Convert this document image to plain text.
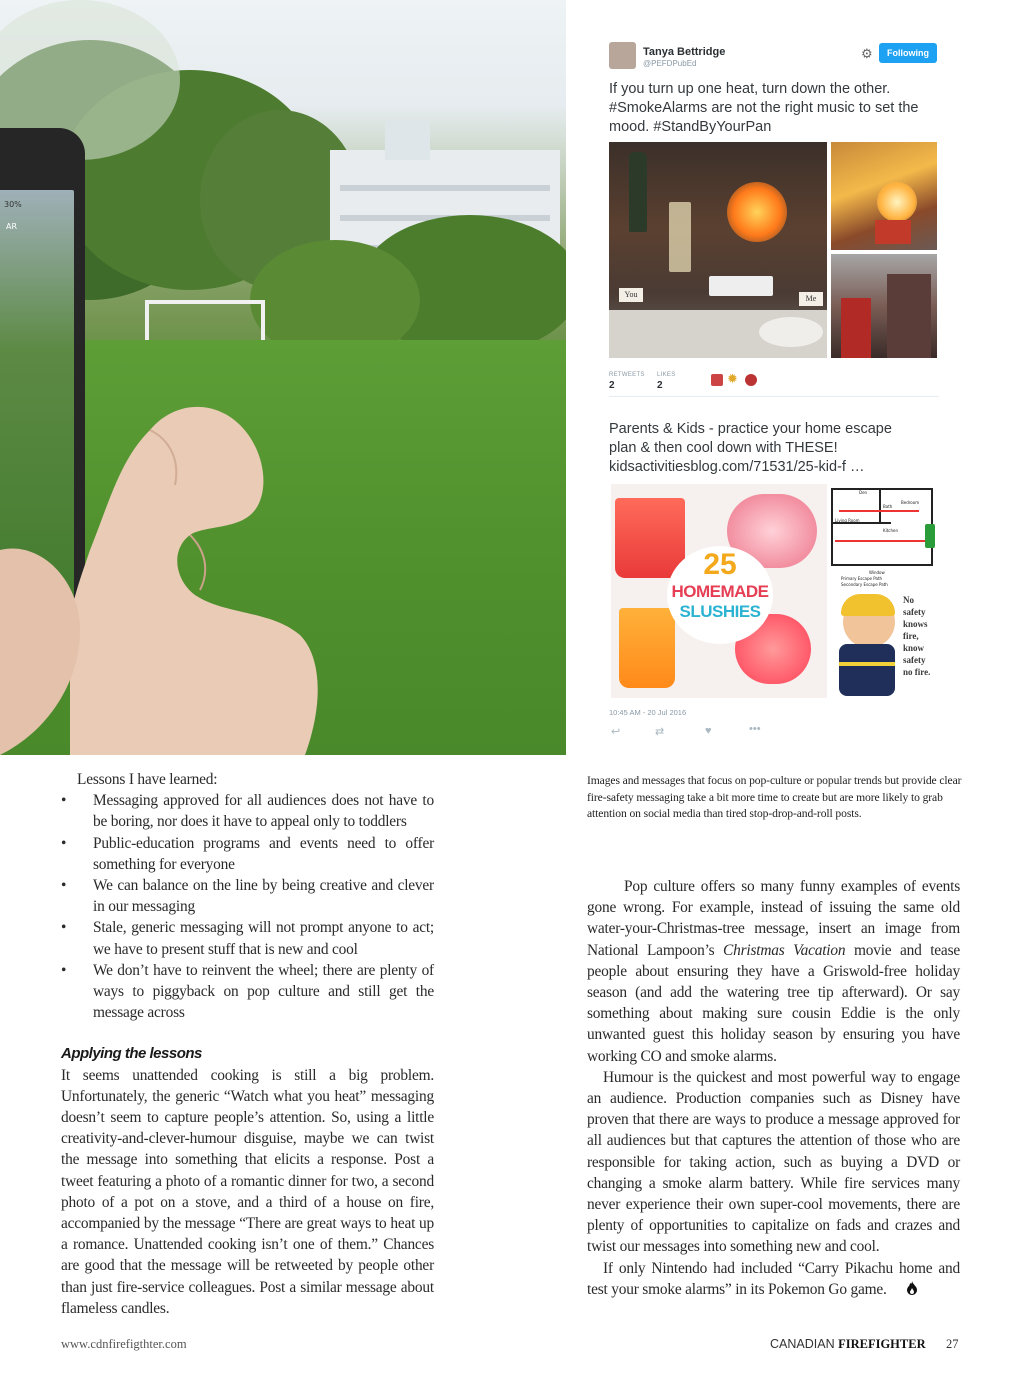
30%
AR
Tanya Bettridge
@PEFDPubEd
⚙	Following
If you turn up one heat, turn down the other. #SmokeAlarms are not the right music to set the mood. #StandByYourPan
You	Me
RETWEETS
2
LIKES
2	✹
Parents & Kids - practice your home escape
plan & then cool down with THESE!
kidsactivitiesblog.com/71531/25-kid-f …
25
HOMEMADE
SLUSHIES
Den
Bedroom
Living Room
Kitchen
Bath
Window
Primary Escape Path
Secondary Escape Path
No safety knows fire, know safety no fire.
10:45 AM - 20 Jul 2016
↩	⇄	♥	•••
Images and messages that focus on pop-culture or popular trends but provide clear fire-safety messaging take a bit more time to create but are more likely to grab attention on social media than tired stop-drop-and-roll posts.

Lessons I have learned:

• Messaging approved for all audiences does not have to be boring, nor does it have to appeal only to toddlers
• Public-education programs and events need to offer something for everyone
• We can balance on the line by being creative and clever in our messaging
• Stale, generic messaging will not prompt anyone to act; we have to present stuff that is new and cool
• We don’t have to reinvent the wheel; there are plenty of ways to piggyback on pop culture and still get the message across
Applying the lessons

It seems unattended cooking is still a big problem. Unfortunately, the generic “Watch what you heat” messaging doesn’t seem to capture people’s attention. So, using a little creativity-and-clever-humour disguise, maybe we can twist the message into something that elicits a response. Post a tweet featuring a photo of a romantic dinner for two, a second photo of a pot on a stove, and a third of a house on fire, accompanied by the message “There are great ways to heat up a romance. Unattended cooking isn’t one of them.” Chances are good that the message will be retweeted by people other than just fire-service colleagues. Post a similar message about flameless candles.

Pop culture offers so many funny examples of events gone wrong. For example, instead of issuing the same old water-your-Christmas-tree message, insert an image from National Lampoon’s Christmas Vacation movie and tease people about ensuring they have a Griswold-free holiday season (and add the watering tree tip afterward). Or say something about making sure cousin Eddie is the only unwanted guest this holiday season by ensuring you have working CO and smoke alarms.

Humour is the quickest and most powerful way to engage an audience. Production companies such as Disney have proven that there are ways to produce a message approved for all audiences but that captures the attention of those who are responsible for taking action, such as buying a DVD or changing a smoke alarm battery. While fire services many never experience their own super-cool movements, there are plenty of opportunities to capitalize on fads and crazes and twist our messages into something new and cool.

If only Nintendo had included “Carry Pikachu home and test your smoke alarms” in its Pokemon Go game.

www.cdnfirefigthter.com	CANADIAN FIREFIGHTER 27
